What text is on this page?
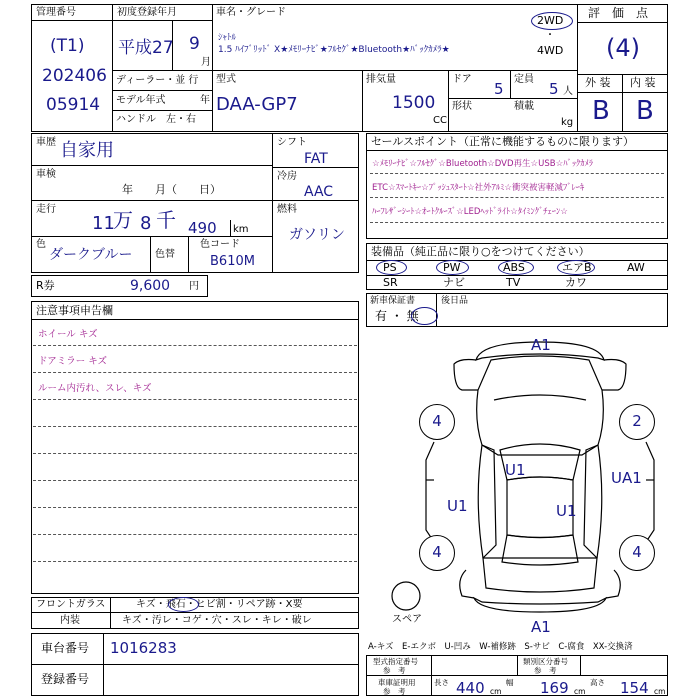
管理番号
(T1)
202406
05914
初度登録年月
平成27 9
月
ディーラー・並 行
モデル年式	年
ハンドル　左・右
車名・グレード
ｼｬﾄﾙ
1.5 ﾊｲﾌﾞﾘｯﾄﾞ X★ﾒﾓﾘｰﾅﾋﾞ★ﾌﾙｾｸﾞ★Bluetooth★ﾊﾞｯｸｶﾒﾗ★
2WD
・
4WD
型式
DAA-GP7
排気量
1500
CC
ドア
5
定員
5 人
形状	積載
kg
評　価　点
(4)
外 装 内 装
B B
車歴 自家用
車検
年　　月（　　日）
走行
11
万 8 千 490 km
色
ダークブルー 色替
色コード
B610M
シフト
FAT
冷房
AAC
燃料
ガソリン
R券	9,600 円
セールスポイント（正常に機能するものに限ります）
☆ﾒﾓﾘｰﾅﾋﾞ☆ﾌﾙｾｸﾞ☆Bluetooth☆DVD再生☆USB☆ﾊﾞｯｸｶﾒﾗ
ETC☆ｽﾏｰﾄｷｰ☆ﾌﾟｯｼｭｽﾀｰﾄ☆社外ｱﾙﾐ☆衝突被害軽減ﾌﾞﾚｰｷ
ﾊｰﾌﾚｻﾞｰｼｰﾄ☆ｵｰﾄｸﾙｰｽﾞ☆LEDﾍｯﾄﾞﾗｲﾄ☆ﾀｲﾐﾝｸﾞﾁｪｰﾝ☆
装備品（純正品に限り○をつけてください）
PS	PW	ABS	エアB	AW
SR	ナビ	TV	カワ
新車保証書
有 ・ 無
後日品
注意事項申告欄
ホイール キズ
ドアミラー キズ
ルーム内汚れ、スレ、キズ
フロントガラス	キズ・飛石・ヒビ割・リペア跡・X要
内装	キズ・汚レ・コゲ・穴・スレ・キレ・破レ
車台番号 1016283
登録番号
A-キズ　E-エクボ　U-凹み　W-補修跡　S-サビ　C-腐食　XX-交換済
型式指定番号
参　考
類別区分番号
参　考
車庫証明用
参　考
長さ 440 cm
幅 169 cm
高さ 154 cm
4	2
4	4
A1
U1	UA1
U1	U1
A1
スペア
